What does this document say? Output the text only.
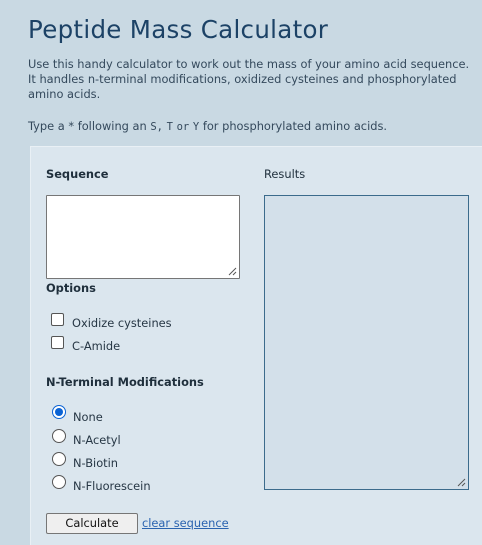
Peptide Mass Calculator

Use this handy calculator to work out the mass of your amino acid sequence. It handles n-terminal modifications, oxidized cysteines and phosphorylated amino acids.

Type a * following an S, T or Y for phosphorylated amino acids.

Sequence	Results
Options
Oxidize cysteines
C-Amide
N-Terminal Modifications
None
N-Acetyl
N-Biotin
N-Fluorescein
Calculate	clear sequence
